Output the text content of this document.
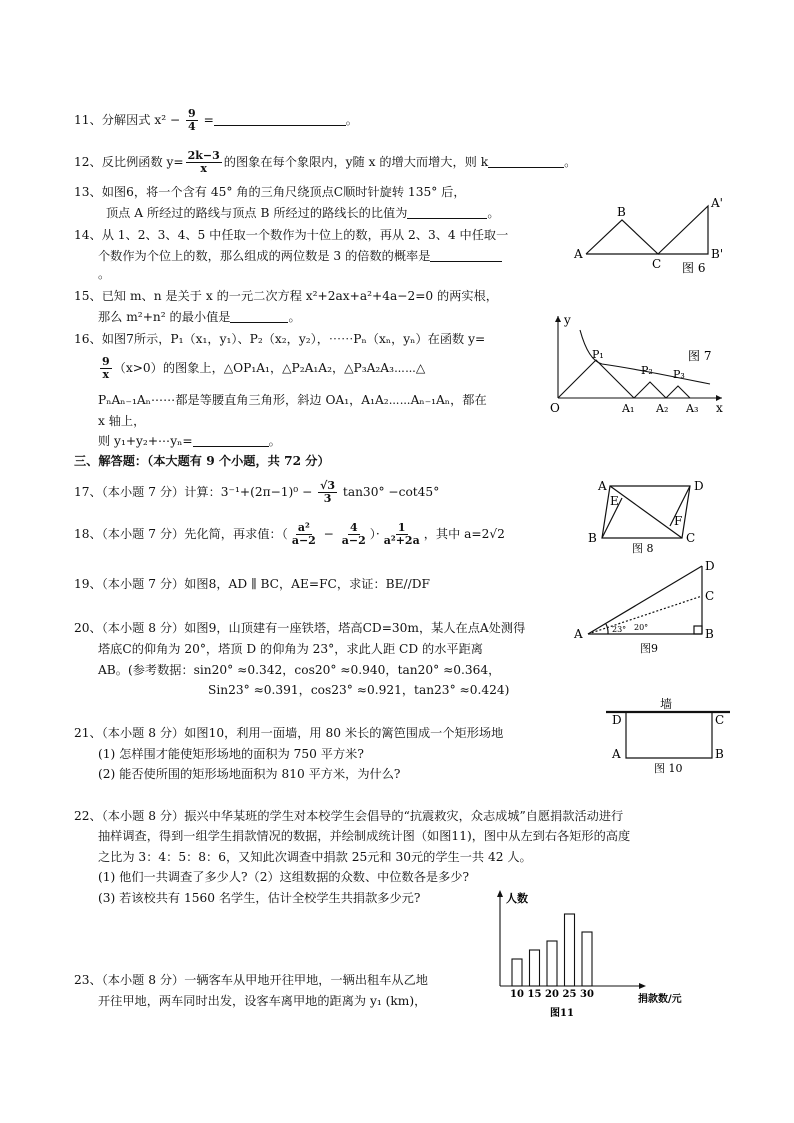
11、分解因式 $x^2 - \frac{9}{4}$ =	。
12、反比例函数 $y= \frac{2k-3}{x}$ 的图象在每个象限内，y随 x 的增大而增大，则 k	。
13、如图6，将一个含有 45° 角的三角尺绕顶点C顺时针旋转 135° 后，
顶点 A 所经过的路线与顶点 B 所经过的路线长的比值为	。
14、从 1、2、3、4、5 中任取一个数作为十位上的数，再从 2、3、4 中任取一
个数作为个位上的数，那么组成的两位数是 3 的倍数的概率是
。
15、已知 m、n 是关于 x 的一元二次方程 x²+2ax+a²+4a−2=0 的两实根，
那么 m²+n² 的最小值是	。
16、如图7所示，P₁（x₁，y₁）、P₂（x₂，y₂），⋯⋯Pₙ（xₙ，yₙ）在函数 y=
$\frac{9}{x} (x>0)$的图象上，△OP₁A₁，△P₂A₁A₂，△P₃A₂A₃⋯⋯△
PₙAₙ₋₁Aₙ⋯⋯都是等腰直角三角形，斜边 OA₁，A₁A₂⋯⋯Aₙ₋₁Aₙ，都在
x 轴上，
则 y₁+y₂+⋯yₙ=	。
三、解答题：（本大题有 9 个小题，共 72 分）
17、（本小题 7 分）计算：$3^{-1}+(2\pi-1)^0 - \frac{√3}{3} \tan 30^\circ -\cot 45^\circ$
18、（本小题 7 分）先化简，再求值：（ $\frac{\text{a²}}{a-2} - \frac{4}{a-2}$ ）· $\frac{1}{\text{a²+2a}}$ ，其中 a=2√2
19、（本小题 7 分）如图8，AD ∥ BC，AE=FC，求证：BE//DF
20、（本小题 8 分）如图9，山顶建有一座铁塔，塔高CD=30m，某人在点A处测得
塔底C的仰角为 20°，塔顶 D 的仰角为 23°，求此人距 CD 的水平距离
AB。(参考数据：sin20° ≈0.342，cos20° ≈0.940，tan20° ≈0.364，
Sin23° ≈0.391，cos23° ≈0.921，tan23° ≈0.424)
21、（本小题 8 分）如图10，利用一面墙，用 80 米长的篱笆围成一个矩形场地
(1) 怎样围才能使矩形场地的面积为 750 平方米?
(2) 能否使所围的矩形场地面积为 810 平方米，为什么?
22、（本小题 8 分）振兴中华某班的学生对本校学生会倡导的“抗震救灾，众志成城”自愿捐款活动进行
抽样调查，得到一组学生捐款情况的数据，并绘制成统计图（如图11)，图中从左到右各矩形的高度
之比为 3：4：5：8：6，又知此次调查中捐款 25元和 30元的学生一共 42 人。
(1) 他们一共调查了多少人?（2）这组数据的众数、中位数各是多少?
(3) 若该校共有 1560 名学生，估计全校学生共捐款多少元?
23、（本小题 8 分）一辆客车从甲地开往甲地，一辆出租车从乙地
开往甲地，两车同时出发，设客车离甲地的距离为 y₁ (km)，
A
B
C
A'
B'
图 6
y
x
O
P₁
P₂ P₃
A₁ A₂ A₃
图 7
A	D
E
F
B	C
图 8
A	B
C
D
23° 20°
图9
墙
D	C
A	B
图 10
人数
捐款数/元
图11
10 15 20 25 30
